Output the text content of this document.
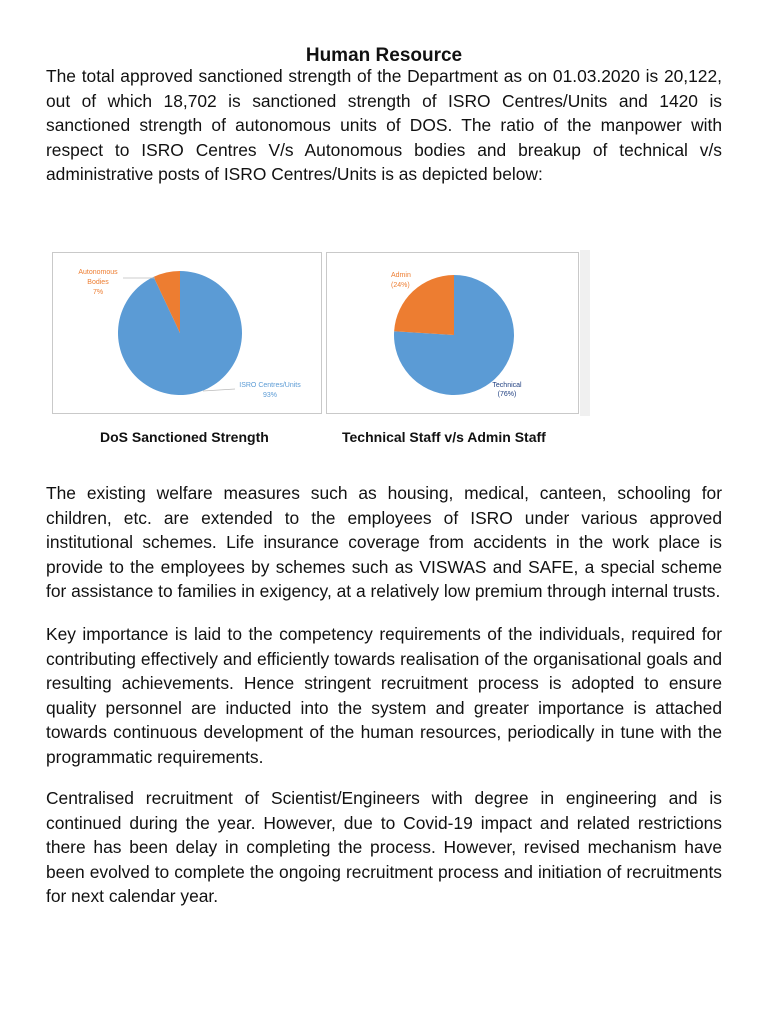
Human Resource

The total approved sanctioned strength of the Department as on 01.03.2020 is 20,122, out of which 18,702 is sanctioned strength of ISRO Centres/Units and 1420 is sanctioned strength of autonomous units of DOS. The ratio of the manpower with respect to ISRO Centres V/s Autonomous bodies and breakup of technical v/s administrative posts of ISRO Centres/Units is as depicted below:

Autonomous
Bodies
7%
ISRO Centres/Units
93%
Admin
(24%)
Technical
(76%)
DoS Sanctioned Strength	Technical Staff v/s Admin Staff

The existing welfare measures such as housing, medical, canteen, schooling for children, etc. are extended to the employees of ISRO under various approved institutional schemes. Life insurance coverage from accidents in the work place is provide to the employees by schemes such as VISWAS and SAFE, a special scheme for assistance to families in exigency, at a relatively low premium through internal trusts.

Key importance is laid to the competency requirements of the individuals, required for contributing effectively and efficiently towards realisation of the organisational goals and resulting achievements. Hence stringent recruitment process is adopted to ensure quality personnel are inducted into the system and greater importance is attached towards continuous development of the human resources, periodically in tune with the programmatic requirements.

Centralised recruitment of Scientist/Engineers with degree in engineering and is continued during the year. However, due to Covid-19 impact and related restrictions there has been delay in completing the process. However, revised mechanism have been evolved to complete the ongoing recruitment process and initiation of recruitments for next calendar year.
